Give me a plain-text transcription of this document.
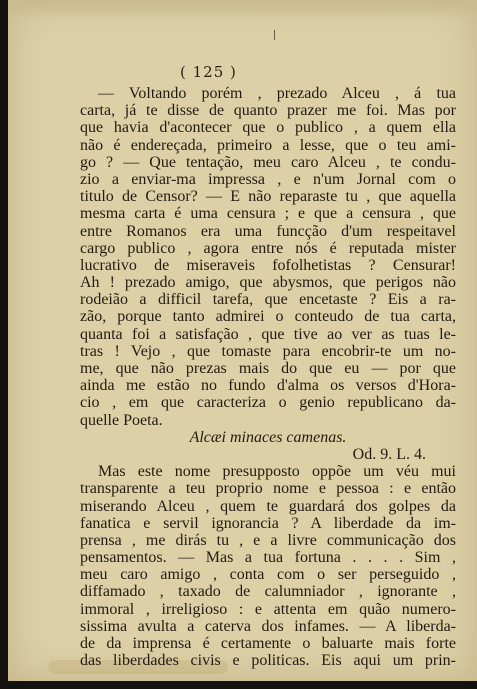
( 125 )
— Voltando porém , prezado Alceu , á tua
carta, já te disse de quanto prazer me foi. Mas por
que havia d'acontecer que o publico , a quem ella
não é endereçada, primeiro a lesse, que o teu ami-
go ? — Que tentação, meu caro Alceu , te condu-
zio a enviar-ma impressa , e n'um Jornal com o
titulo de Censor? — E não reparaste tu , que aquella
mesma carta é uma censura ; e que a censura , que
entre Romanos era uma funcção d'um respeitavel
cargo publico , agora entre nós é reputada mister
lucrativo de miseraveis fofolhetistas ? Censurar!
Ah ! prezado amigo, que abysmos, que perigos não
rodeião a difficil tarefa, que encetaste ? Eis a ra-
zão, porque tanto admirei o conteudo de tua carta,
quanta foi a satisfação , que tive ao ver as tuas le-
tras ! Vejo , que tomaste para encobrir-te um no-
me, que não prezas mais do que eu — por que
ainda me estão no fundo d'alma os versos d'Hora-
cio , em que caracteriza o genio republicano da-
quelle Poeta.
Alcæi minaces camenas.
Od. 9. L. 4.
Mas este nome presupposto oppõe um véu mui
transparente a teu proprio nome e pessoa : e então
miserando Alceu , quem te guardará dos golpes da
fanatica e servil ignorancia ? A liberdade da im-
prensa , me dirás tu , e a livre communicação dos
pensamentos. — Mas a tua fortuna . . . . Sim ,
meu caro amigo , conta com o ser perseguido ,
diffamado , taxado de calumniador , ignorante ,
immoral , irreligioso : e attenta em quão numero-
sissima avulta a caterva dos infames. — A liberda-
de da imprensa é certamente o baluarte mais forte
das liberdades civis e politicas. Eis aqui um prin-
